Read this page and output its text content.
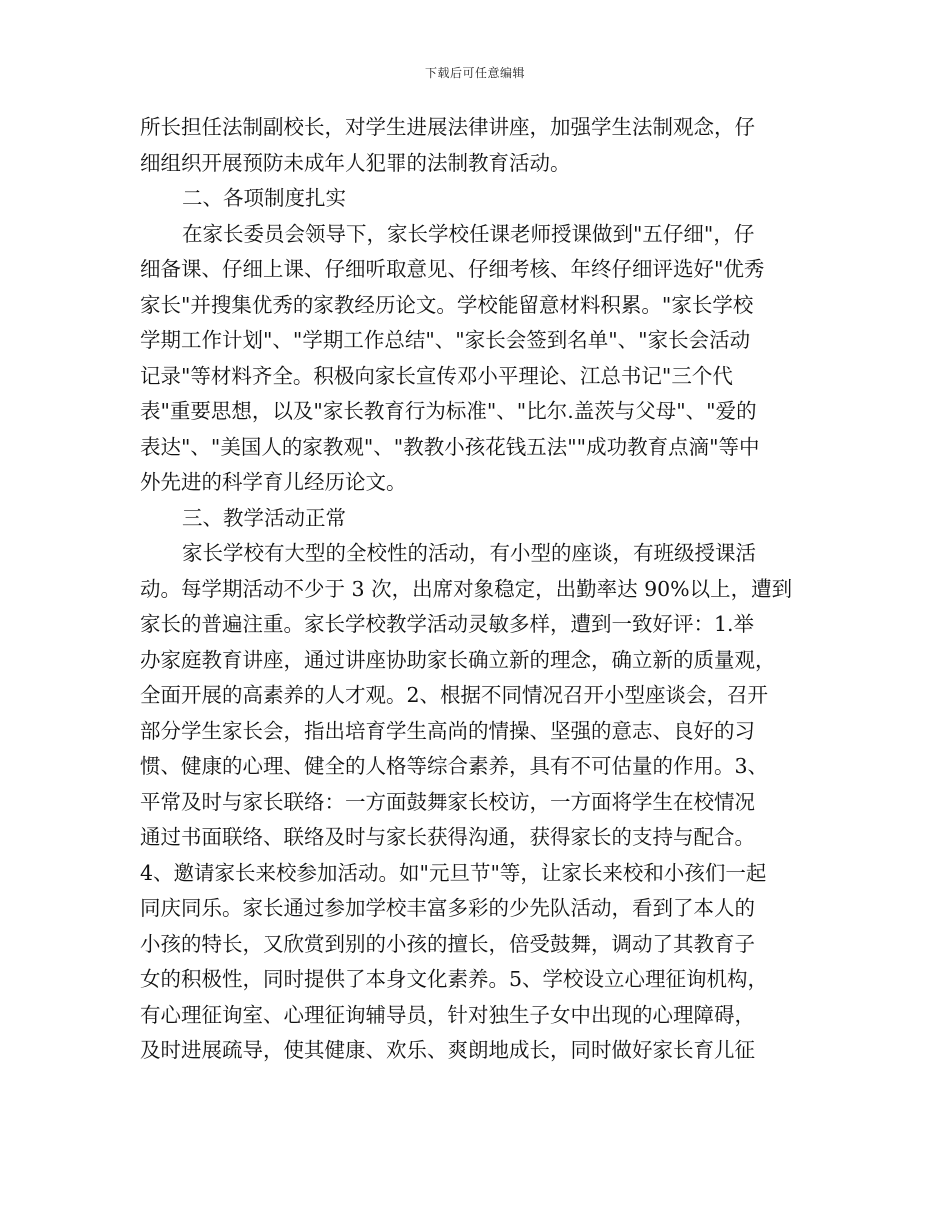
下载后可任意编辑
所长担任法制副校长，对学生进展法律讲座，加强学生法制观念，仔
细组织开展预防未成年人犯罪的法制教育活动。
二、各项制度扎实
在家长委员会领导下，家长学校任课老师授课做到"五仔细"，仔
细备课、仔细上课、仔细听取意见、仔细考核、年终仔细评选好"优秀
家长"并搜集优秀的家教经历论文。学校能留意材料积累。"家长学校
学期工作计划"、"学期工作总结"、"家长会签到名单"、"家长会活动
记录"等材料齐全。积极向家长宣传邓小平理论、江总书记"三个代
表"重要思想，以及"家长教育行为标准"、"比尔.盖茨与父母"、"爱的
表达"、"美国人的家教观"、"教教小孩花钱五法""成功教育点滴"等中
外先进的科学育儿经历论文。
三、教学活动正常
家长学校有大型的全校性的活动，有小型的座谈，有班级授课活
动。每学期活动不少于 3 次，出席对象稳定，出勤率达 90%以上，遭到
家长的普遍注重。家长学校教学活动灵敏多样，遭到一致好评：1.举
办家庭教育讲座，通过讲座协助家长确立新的理念，确立新的质量观，
全面开展的高素养的人才观。2、根据不同情况召开小型座谈会，召开
部分学生家长会，指出培育学生高尚的情操、坚强的意志、良好的习
惯、健康的心理、健全的人格等综合素养，具有不可估量的作用。3、
平常及时与家长联络：一方面鼓舞家长校访，一方面将学生在校情况
通过书面联络、联络及时与家长获得沟通，获得家长的支持与配合。
4、邀请家长来校参加活动。如"元旦节"等，让家长来校和小孩们一起
同庆同乐。家长通过参加学校丰富多彩的少先队活动，看到了本人的
小孩的特长，又欣赏到别的小孩的擅长，倍受鼓舞，调动了其教育子
女的积极性，同时提供了本身文化素养。5、学校设立心理征询机构，
有心理征询室、心理征询辅导员，针对独生子女中出现的心理障碍，
及时进展疏导，使其健康、欢乐、爽朗地成长，同时做好家长育儿征
